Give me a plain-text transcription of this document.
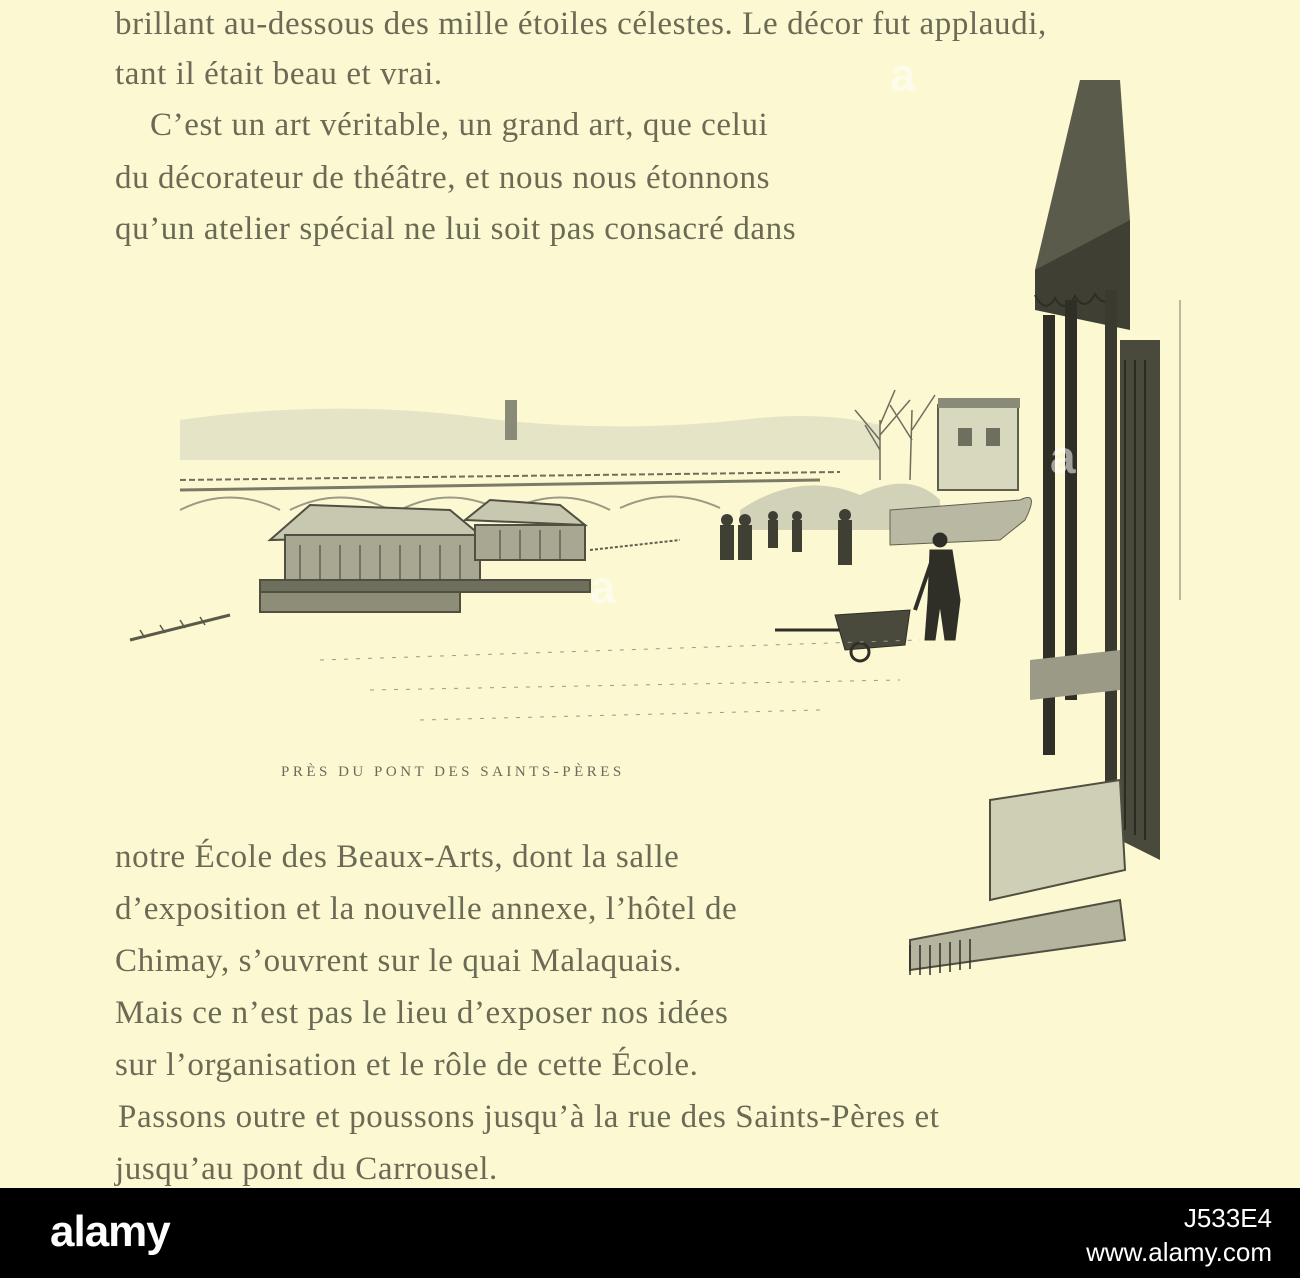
brillant au-dessous des mille étoiles célestes. Le décor fut applaudi,
tant il était beau et vrai.
C’est un art véritable, un grand art, que celui
du décorateur de théâtre, et nous nous étonnons
qu’un atelier spécial ne lui soit pas consacré dans
PRÈS DU PONT DES SAINTS-PÈRES
notre École des Beaux-Arts, dont la salle
d’exposition et la nouvelle annexe, l’hôtel de
Chimay, s’ouvrent sur le quai Malaquais.
Mais ce n’est pas le lieu d’exposer nos idées
sur l’organisation et le rôle de cette École.
Passons outre et poussons jusqu’à la rue des Saints-Pères et
jusqu’au pont du Carrousel.
a
a
a
alamy	J533E4
www.alamy.com
